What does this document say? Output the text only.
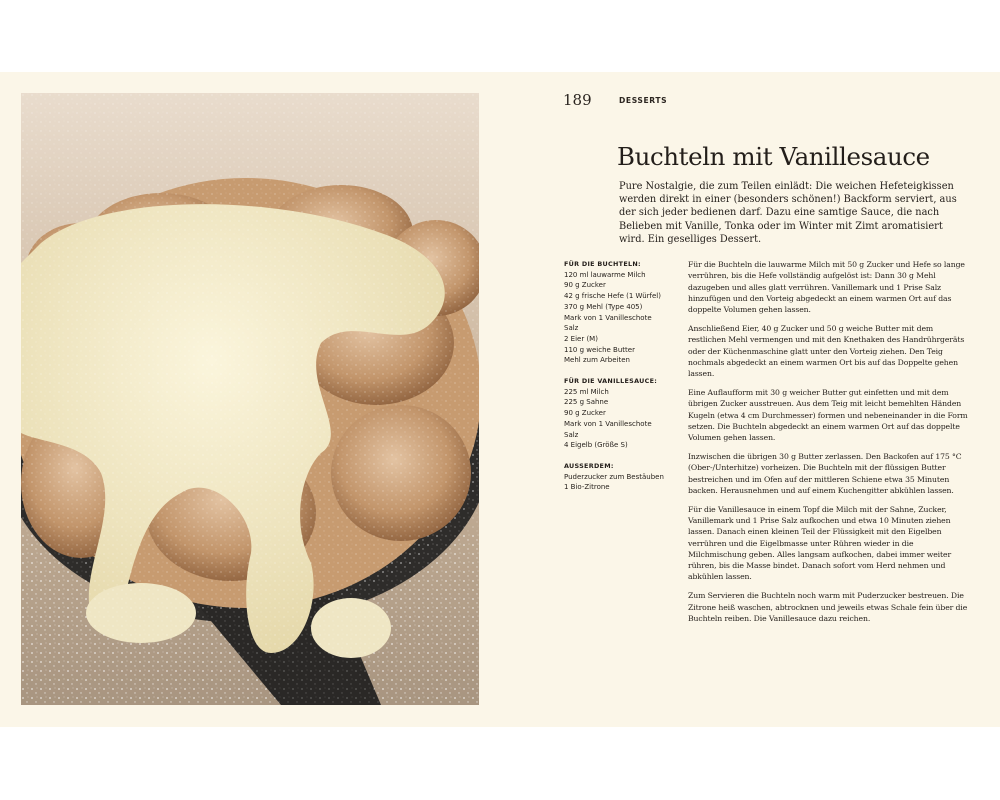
189	DESSERTS
Buchteln mit Vanillesauce

Pure Nostalgie, die zum Teilen einlädt: Die weichen Hefeteigkissen werden direkt in einer (besonders schönen!) Backform serviert, aus der sich jeder bedienen darf. Dazu eine samtige Sauce, die nach Belieben mit Vanille, Tonka oder im Winter mit Zimt aromatisiert wird. Ein geselliges Dessert.

FÜR DIE BUCHTELN:
120 ml lauwarme Milch
90 g Zucker
42 g frische Hefe (1 Würfel)
370 g Mehl (Type 405)
Mark von 1 Vanilleschote
Salz
2 Eier (M)
110 g weiche Butter
Mehl zum Arbeiten
FÜR DIE VANILLESAUCE:
225 ml Milch
225 g Sahne
90 g Zucker
Mark von 1 Vanilleschote
Salz
4 Eigelb (Größe S)
AUSSERDEM:
Puderzucker zum Bestäuben
1 Bio-Zitrone

Für die Buchteln die lauwarme Milch mit 50 g Zucker und Hefe so lange verrühren, bis die Hefe vollständig aufgelöst ist: Dann 30 g Mehl dazugeben und alles glatt verrühren. Vanillemark und 1 Prise Salz hinzufügen und den Vorteig abgedeckt an einem warmen Ort auf das doppelte Volumen gehen lassen.

Anschließend Eier, 40 g Zucker und 50 g weiche Butter mit dem restlichen Mehl vermengen und mit den Knethaken des Handrührgeräts oder der Küchenmaschine glatt unter den Vorteig ziehen. Den Teig nochmals abgedeckt an einem warmen Ort bis auf das Doppelte gehen lassen.

Eine Auflaufform mit 30 g weicher Butter gut einfetten und mit dem übrigen Zucker ausstreuen. Aus dem Teig mit leicht bemehlten Händen Kugeln (etwa 4 cm Durchmesser) formen und nebeneinander in die Form setzen. Die Buchteln abgedeckt an einem warmen Ort auf das doppelte Volumen gehen lassen.

Inzwischen die übrigen 30 g Butter zerlassen. Den Backofen auf 175 °C (Ober-/Unterhitze) vorheizen. Die Buchteln mit der flüssigen Butter bestreichen und im Ofen auf der mittleren Schiene etwa 35 Minuten backen. Herausnehmen und auf einem Kuchengitter abkühlen lassen.

Für die Vanillesauce in einem Topf die Milch mit der Sahne, Zucker, Vanillemark und 1 Prise Salz aufkochen und etwa 10 Minuten ziehen lassen. Danach einen kleinen Teil der Flüssigkeit mit den Eigelben verrühren und die Eigelbmasse unter Rühren wieder in die Milchmischung geben. Alles langsam aufkochen, dabei immer weiter rühren, bis die Masse bindet. Danach sofort vom Herd nehmen und abkühlen lassen.

Zum Servieren die Buchteln noch warm mit Puderzucker bestreuen. Die Zitrone heiß waschen, abtrocknen und jeweils etwas Schale fein über die Buchteln reiben. Die Vanillesauce dazu reichen.
